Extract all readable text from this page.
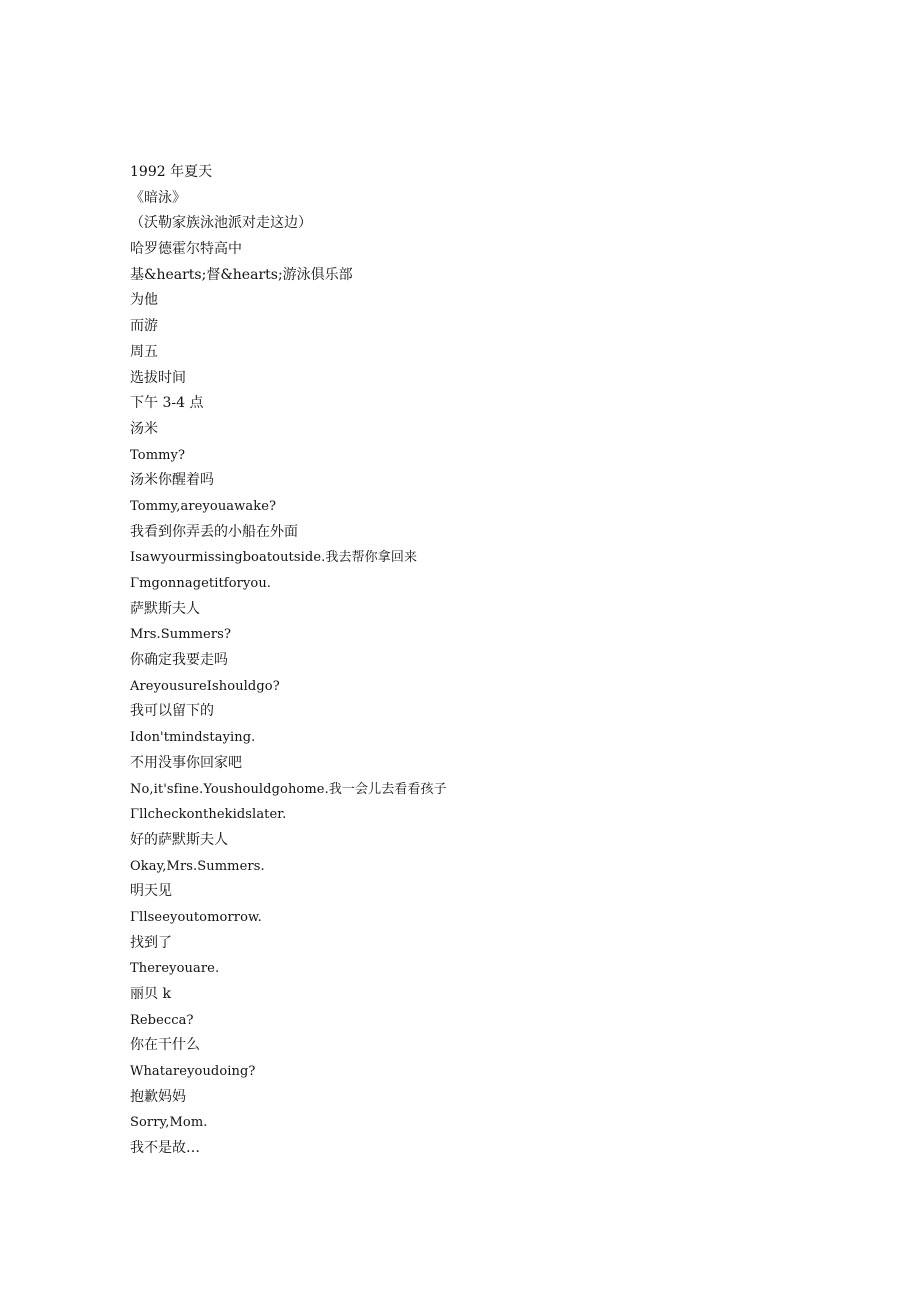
1992 年夏天
《暗泳》
（沃勒家族泳池派对走这边）
哈罗德霍尔特高中
基&hearts;督&hearts;游泳俱乐部
为他
而游
周五
选拔时间
下午 3-4 点
汤米
Tommy?
汤米你醒着吗
Tommy,areyouawake?
我看到你弄丢的小船在外面
Isawyourmissingboatoutside.我去帮你拿回来
Γmgonnagetitforyou.
萨默斯夫人
Mrs.Summers?
你确定我要走吗
AreyousureIshouldgo?
我可以留下的
Idon'tmindstaying.
不用没事你回家吧
No,it'sfine.Youshouldgohome.我一会儿去看看孩子
Γllcheckonthekidslater.
好的萨默斯夫人
Okay,Mrs.Summers.
明天见
Γllseeyoutomorrow.
找到了
Thereyouare.
丽贝 k
Rebecca?
你在干什么
Whatareyoudoing?
抱歉妈妈
Sorry,Mom.
我不是故…
